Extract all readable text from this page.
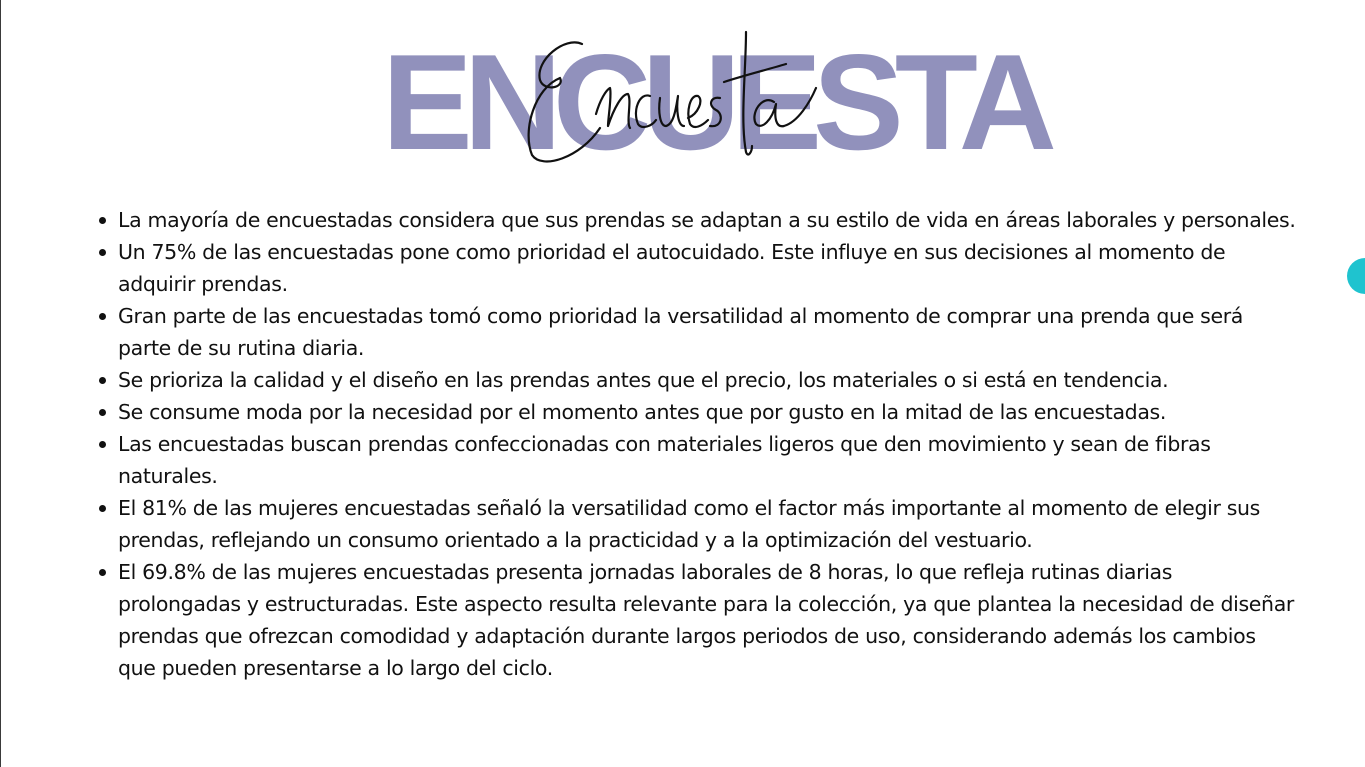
ENCUESTA
La mayoría de encuestadas considera que sus prendas se adaptan a su estilo de vida en áreas laborales y personales.
Un 75% de las encuestadas pone como prioridad el autocuidado. Este influye en sus decisiones al momento de adquirir prendas.
Gran parte de las encuestadas tomó como prioridad la versatilidad al momento de comprar una prenda que será parte de su rutina diaria.
Se prioriza la calidad y el diseño en las prendas antes que el precio, los materiales o si está en tendencia.
Se consume moda por la necesidad por el momento antes que por gusto en la mitad de las encuestadas.
Las encuestadas buscan prendas confeccionadas con materiales ligeros que den movimiento y sean de fibras naturales.
El 81% de las mujeres encuestadas señaló la versatilidad como el factor más importante al momento de elegir sus prendas, reflejando un consumo orientado a la practicidad y a la optimización del vestuario.
El 69.8% de las mujeres encuestadas presenta jornadas laborales de 8 horas, lo que refleja rutinas diarias prolongadas y estructuradas. Este aspecto resulta relevante para la colección, ya que plantea la necesidad de diseñar prendas que ofrezcan comodidad y adaptación durante largos periodos de uso, considerando además los cambios que pueden presentarse a lo largo del ciclo.
